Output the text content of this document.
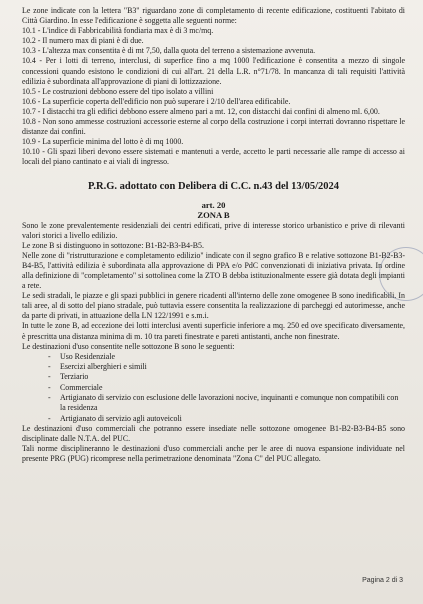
Le zone indicate con la lettera "B3" riguardano zone di completamento di recente edificazione, costituenti l'abitato di Città Giardino. In esse l'edificazione è soggetta alle seguenti norme:

10.1 - L'indice di Fabbricabilità fondiaria max è di 3 mc/mq.

10.2 - Il numero max di piani è di due.

10.3 - L'altezza max consentita è di mt 7,50, dalla quota del terreno a sistemazione avvenuta.

10.4 - Per i lotti di terreno, interclusi, di superfice fino a mq 1000 l'edificazione è consentita a mezzo di singole concessioni quando esistono le condizioni di cui all'art. 21 della L.R. n°71/78. In mancanza di tali requisiti l'attività edilizia è subordinata all'approvazione di piani di lottizzazione.

10.5 - Le costruzioni debbono essere del tipo isolato a villini

10.6 - La superficie coperta dell'edificio non può superare i 2/10 dell'area edificabile.

10.7 - I distacchi tra gli edifici debbono essere almeno pari a mt. 12, con distacchi dai confini di almeno ml. 6,00.

10.8 - Non sono ammesse costruzioni accessorie esterne al corpo della costruzione i corpi interrati dovranno rispettare le distanze dai confini.

10.9 - La superficie minima del lotto è di mq 1000.

10.10 - Gli spazi liberi devono essere sistemati e mantenuti a verde, accetto le parti necessarie alle rampe di accesso ai locali del piano cantinato e ai viali di ingresso.

P.R.G. adottato con Delibera di C.C. n.43 del 13/05/2024
art. 20
ZONA B

Sono le zone prevalentemente residenziali dei centri edificati, prive di interesse storico urbanistico e prive di rilevanti valori storici a livello edilizio.

Le zone B si distinguono in sottozone: B1-B2-B3-B4-B5.

Nelle zone di "ristrutturazione e completamento edilizio" indicate con il segno grafico B e relative sottozone B1-B2-B3-B4-B5, l'attività edilizia è subordinata alla approvazione di PPA e/o PdC convenzionati di iniziativa privata. In ordine alla definizione di "completamento" si sottolinea come la ZTO B debba istituzionalmente essere già dotata degli impianti a rete.

Le sedi stradali, le piazze e gli spazi pubblici in genere ricadenti all'interno delle zone omogenee B sono inedificabili. In tali aree, al di sotto del piano stradale, può tuttavia essere consentita la realizzazione di parcheggi ed autorimesse, anche da parte di privati, in attuazione della LN 122/1991 e s.m.i.

In tutte le zone B, ad eccezione dei lotti interclusi aventi superficie inferiore a mq. 250 ed ove specificato diversamente, è prescritta una distanza minima di m. 10 tra pareti finestrate e pareti antistanti, anche non finestrate.

Le destinazioni d'uso consentite nelle sottozone B sono le seguenti:

- Uso Residenziale
- Esercizi alberghieri e simili
- Terziario
- Commerciale
- Artigianato di servizio con esclusione delle lavorazioni nocive, inquinanti e comunque non compatibili con la residenza
- Artigianato di servizio agli autoveicoli

Le destinazioni d'uso commerciali che potranno essere insediate nelle sottozone omogenee B1-B2-B3-B4-B5 sono disciplinate dalle N.T.A. del PUC.

Tali norme disciplineranno le destinazioni d'uso commerciali anche per le aree di nuova espansione individuate nel presente PRG (PUG) ricomprese nella perimetrazione denominata "Zona C" del PUC allegato.

Pagina 2 di 3
